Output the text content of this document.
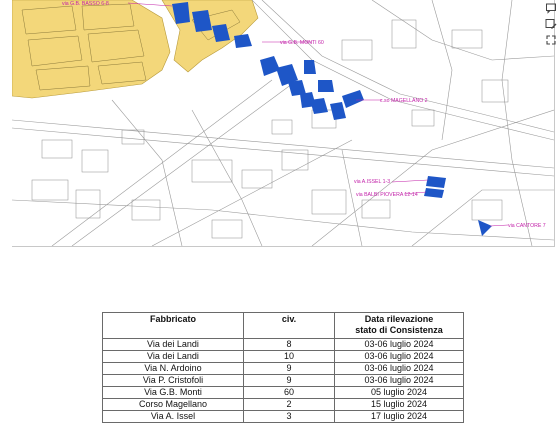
via G.B. BASSO 6-8
via G.B. MONTI 60
c.so MAGELLANO 2
via A.ISSEL 1-3
via BALBI PIOVERA 12-14
via CANTORE 7
Fabbricato	civ.	Data rilevazione
stato di Consistenza

Via dei Landi	8	03-06 luglio 2024
Via dei Landi	10	03-06 luglio 2024
Via N. Ardoino	9	03-06 luglio 2024
Via P. Cristofoli	9	03-06 luglio 2024
Via G.B. Monti	60	05 luglio 2024
Corso Magellano	2	15 luglio 2024
Via A. Issel	3	17 luglio 2024
